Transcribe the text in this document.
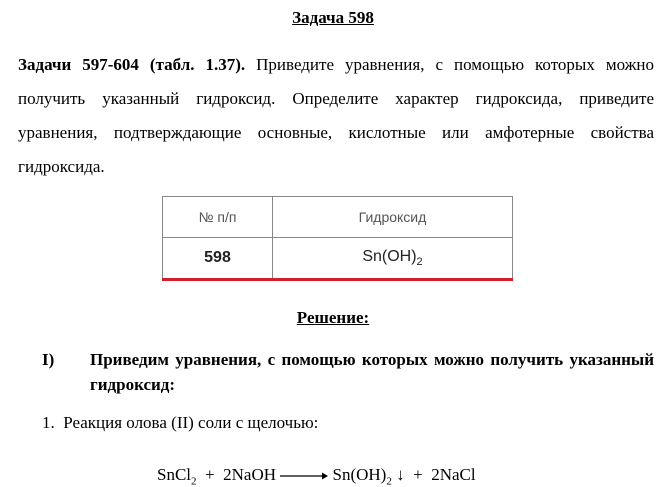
Задача 598
Задачи 597-604 (табл. 1.37). Приведите уравнения, с помощью которых можно получить указанный гидроксид. Определите характер гидроксида, приведите уравнения, подтверждающие основные, кислотные или амфотерные свойства гидроксида.
№ п/п	Гидроксид
598	$Sn(OH)_2$
Решение:
I) Приведим уравнения, с помощью которых можно получить указанный гидроксид:
1. Реакция олова (II) соли с щелочью:
SnCl$_2$ + 2NaOH → $Sn(OH)_2$ ↓ + 2NaCl
